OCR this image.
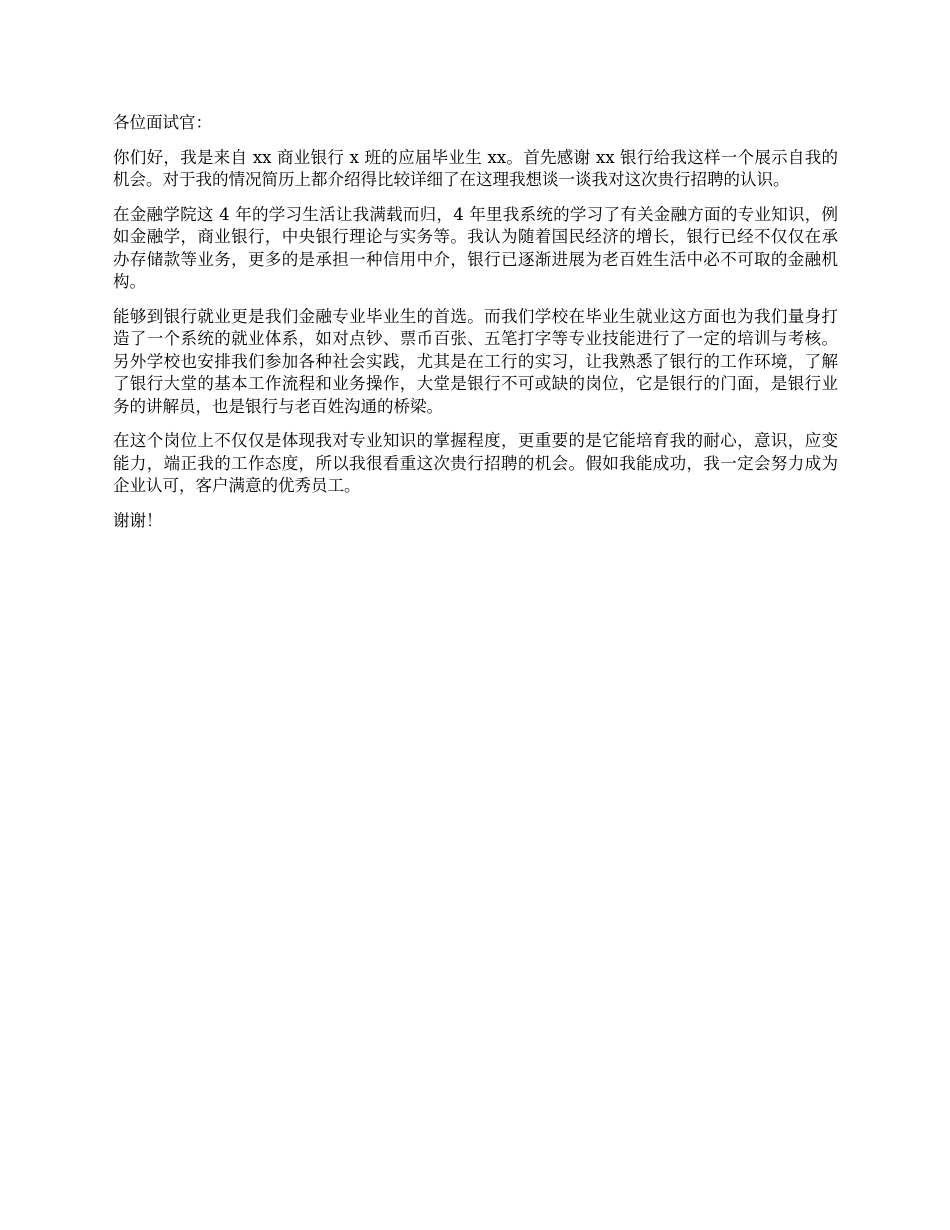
各位面试官：

你们好，我是来自 xx 商业银行 x 班的应届毕业生 xx。首先感谢 xx 银行给我这样一个展示自我的机会。对于我的情况简历上都介绍得比较详细了在这理我想谈一谈我对这次贵行招聘的认识。

在金融学院这 4 年的学习生活让我满载而归，4 年里我系统的学习了有关金融方面的专业知识，例如金融学，商业银行，中央银行理论与实务等。我认为随着国民经济的增长，银行已经不仅仅在承办存储款等业务，更多的是承担一种信用中介，银行已逐渐进展为老百姓生活中必不可取的金融机构。

能够到银行就业更是我们金融专业毕业生的首选。而我们学校在毕业生就业这方面也为我们量身打造了一个系统的就业体系，如对点钞、票币百张、五笔打字等专业技能进行了一定的培训与考核。另外学校也安排我们参加各种社会实践，尤其是在工行的实习，让我熟悉了银行的工作环境，了解了银行大堂的基本工作流程和业务操作，大堂是银行不可或缺的岗位，它是银行的门面，是银行业务的讲解员，也是银行与老百姓沟通的桥梁。

在这个岗位上不仅仅是体现我对专业知识的掌握程度，更重要的是它能培育我的耐心，意识，应变能力，端正我的工作态度，所以我很看重这次贵行招聘的机会。假如我能成功，我一定会努力成为企业认可，客户满意的优秀员工。

谢谢！
